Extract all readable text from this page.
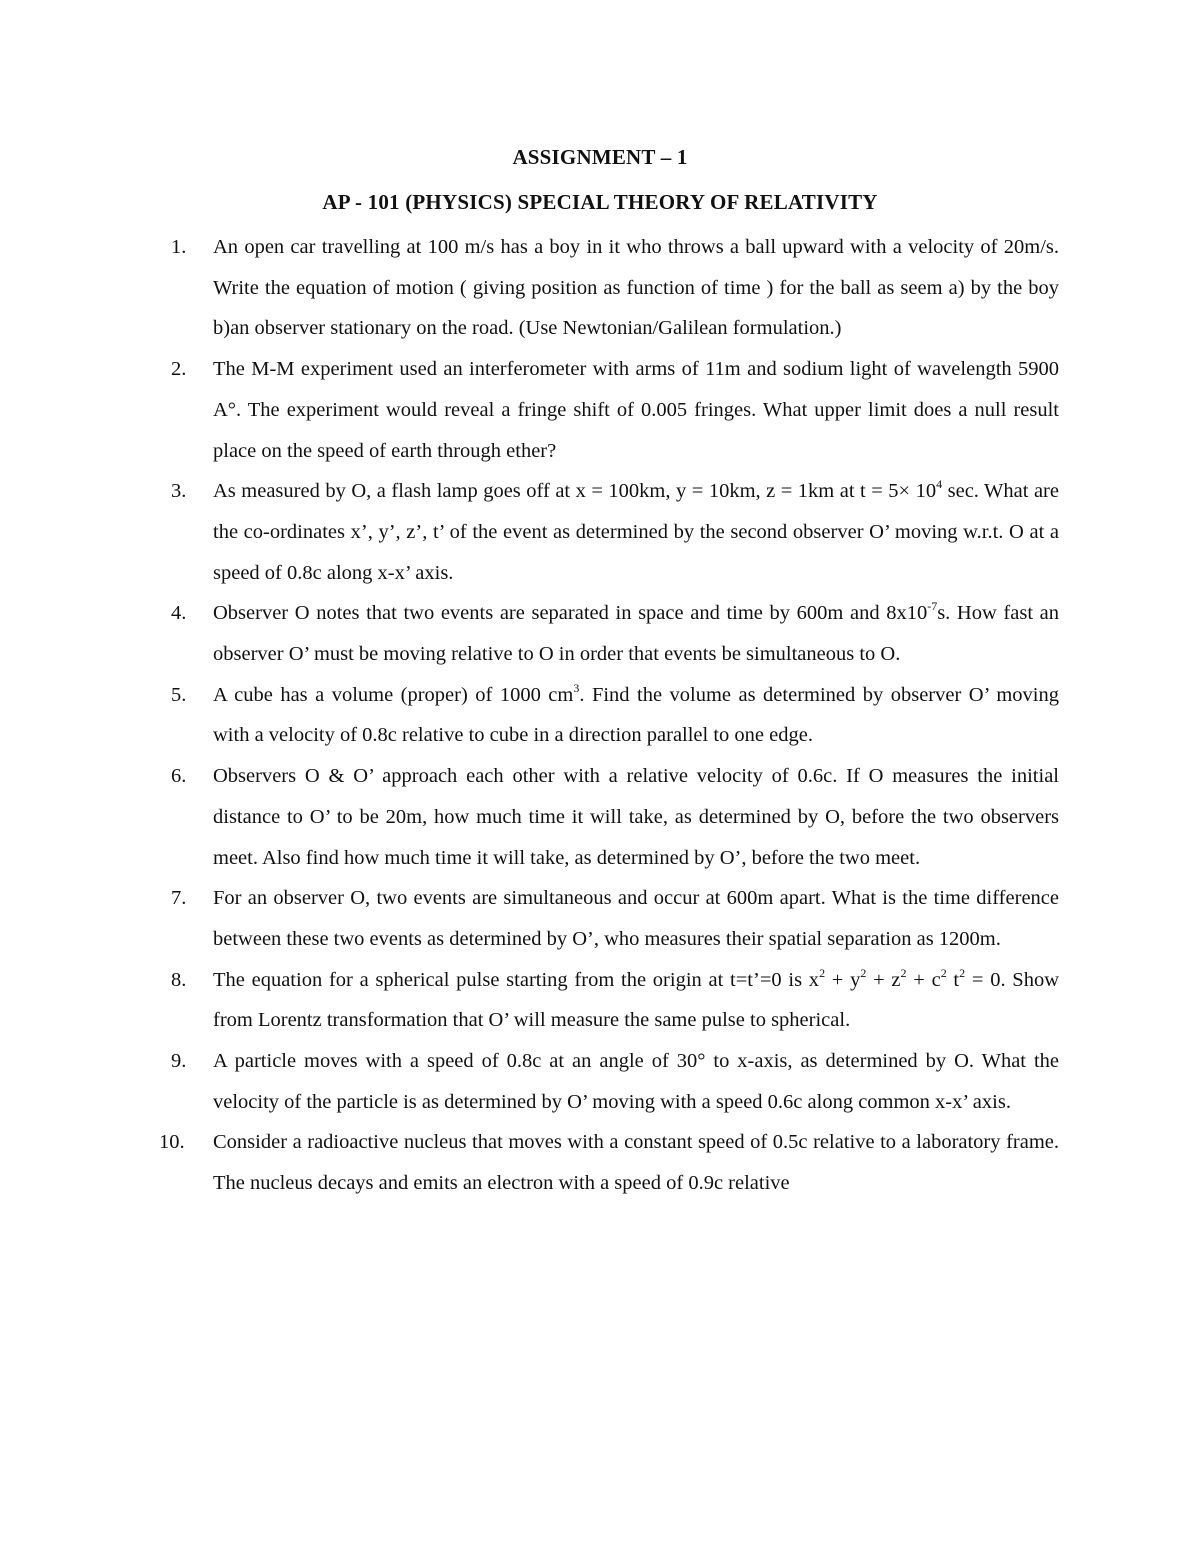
ASSIGNMENT – 1
AP - 101 (PHYSICS) SPECIAL THEORY OF RELATIVITY
1. An open car travelling at 100 m/s has a boy in it who throws a ball upward with a velocity of 20m/s. Write the equation of motion ( giving position as function of time ) for the ball as seem a) by the boy b)an observer stationary on the road. (Use Newtonian/Galilean formulation.)
2. The M-M experiment used an interferometer with arms of 11m and sodium light of wavelength 5900 A°. The experiment would reveal a fringe shift of 0.005 fringes. What upper limit does a null result place on the speed of earth through ether?
3. As measured by O, a flash lamp goes off at x = 100km, y = 10km, z = 1km at $t = 5\times 10^4$ sec. What are the co-ordinates x’, y’, z’, t’ of the event as determined by the second observer O’ moving w.r.t. O at a speed of 0.8c along x-x’ axis.
4. Observer O notes that two events are separated in space and time by 600m and $8x10^{-7}s$. How fast an observer O’ must be moving relative to O in order that events be simultaneous to O.
5. A cube has a volume (proper) of 1000 $cm^3$. Find the volume as determined by observer O’ moving with a velocity of 0.8c relative to cube in a direction parallel to one edge.
6. Observers O & O’ approach each other with a relative velocity of 0.6c. If O measures the initial distance to O’ to be 20m, how much time it will take, as determined by O, before the two observers meet. Also find how much time it will take, as determined by O’, before the two meet.
7. For an observer O, two events are simultaneous and occur at 600m apart. What is the time difference between these two events as determined by O’, who measures their spatial separation as 1200m.
8. The equation for a spherical pulse starting from the origin at t=t’=0 is $x^2 + y^2 + z^2 + c^2$ $t^2 = 0$. Show from Lorentz transformation that O’ will measure the same pulse to spherical.
9. A particle moves with a speed of 0.8c at an angle of 30° to x-axis, as determined by O. What the velocity of the particle is as determined by O’ moving with a speed 0.6c along common x-x’ axis.
10. Consider a radioactive nucleus that moves with a constant speed of 0.5c relative to a laboratory frame. The nucleus decays and emits an electron with a speed of 0.9c relative
